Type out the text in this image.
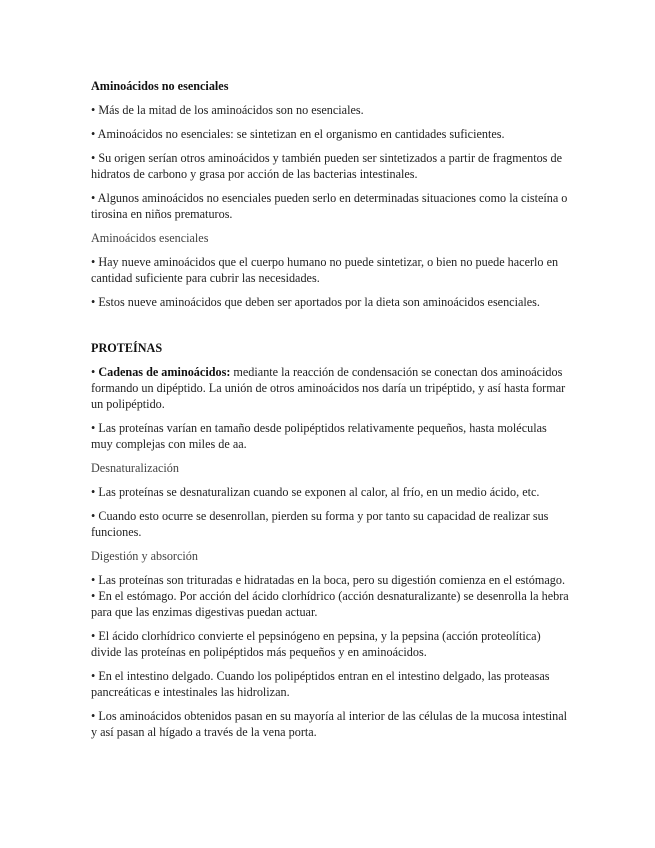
Aminoácidos no esenciales
• Más de la mitad de los aminoácidos son no esenciales.
• Aminoácidos no esenciales: se sintetizan en el organismo en cantidades suficientes.
• Su origen serían otros aminoácidos y también pueden ser sintetizados a partir de fragmentos de hidratos de carbono y grasa por acción de las bacterias intestinales.
• Algunos aminoácidos no esenciales pueden serlo en determinadas situaciones como la cisteína o tirosina en niños prematuros.
Aminoácidos esenciales
• Hay nueve aminoácidos que el cuerpo humano no puede sintetizar, o bien no puede hacerlo en cantidad suficiente para cubrir las necesidades.
• Estos nueve aminoácidos que deben ser aportados por la dieta son aminoácidos esenciales.
PROTEÍNAS
• Cadenas de aminoácidos: mediante la reacción de condensación se conectan dos aminoácidos formando un dipéptido. La unión de otros aminoácidos nos daría un tripéptido, y así hasta formar un polipéptido.
• Las proteínas varían en tamaño desde polipéptidos relativamente pequeños, hasta moléculas muy complejas con miles de aa.
Desnaturalización
• Las proteínas se desnaturalizan cuando se exponen al calor, al frío, en un medio ácido, etc.
• Cuando esto ocurre se desenrollan, pierden su forma y por tanto su capacidad de realizar sus funciones.
Digestión y absorción
• Las proteínas son trituradas e hidratadas en la boca, pero su digestión comienza en el estómago. • En el estómago. Por acción del ácido clorhídrico (acción desnaturalizante) se desenrolla la hebra para que las enzimas digestivas puedan actuar.
• El ácido clorhídrico convierte el pepsinógeno en pepsina, y la pepsina (acción proteolítica) divide las proteínas en polipéptidos más pequeños y en aminoácidos.
• En el intestino delgado. Cuando los polipéptidos entran en el intestino delgado, las proteasas pancreáticas e intestinales las hidrolizan.
• Los aminoácidos obtenidos pasan en su mayoría al interior de las células de la mucosa intestinal y así pasan al hígado a través de la vena porta.
